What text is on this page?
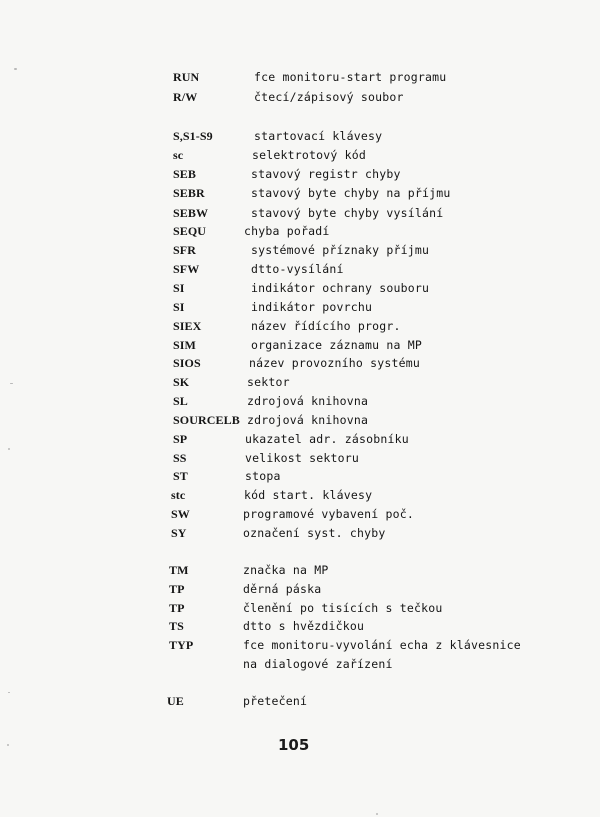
RUN	fce monitoru-start programu
R/W	čtecí/zápisový soubor
S,S1-S9	startovací klávesy
sc	selektrotový kód
SEB	stavový registr chyby
SEBR	stavový byte chyby na příjmu
SEBW	stavový byte chyby vysílání
SEQU	chyba pořadí
SFR	systémové příznaky příjmu
SFW	dtto-vysílání
SI	indikátor ochrany souboru
SI	indikátor povrchu
SIEX	název řídícího progr.
SIM	organizace záznamu na MP
SIOS	název provozního systému
SK	sektor
SL	zdrojová knihovna
SOURCELB zdrojová knihovna
SP	ukazatel adr. zásobníku
SS	velikost sektoru
ST	stopa
stc	kód start. klávesy
SW	programové vybavení poč.
SY	označení syst. chyby
TM	značka na MP
TP	děrná páska
TP	členění po tisících s tečkou
TS	dtto s hvězdičkou
TYP	fce monitoru-vyvolání echa z klávesnice
na dialogové zařízení
UE	přetečení
105
